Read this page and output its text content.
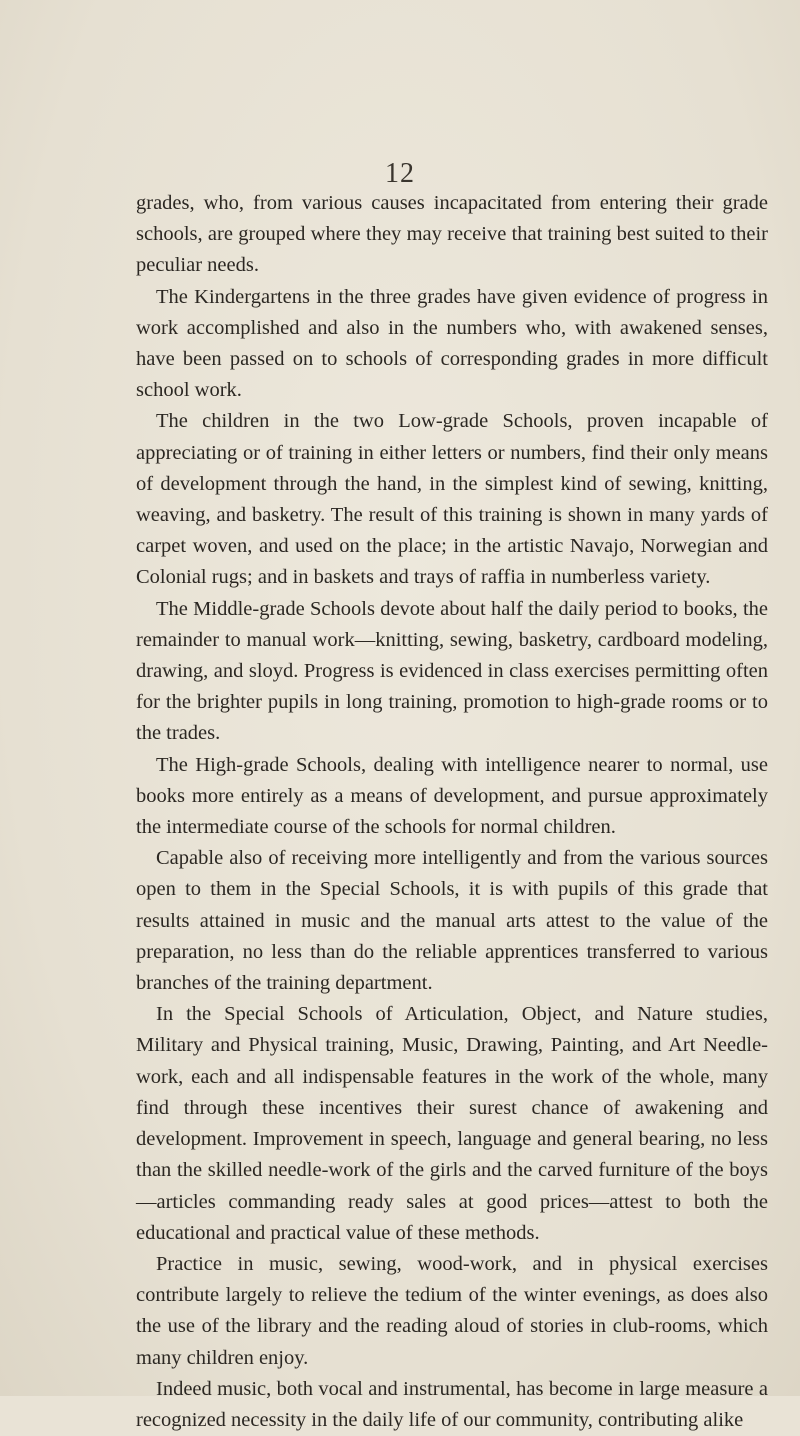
12

grades, who, from various causes incapacitated from entering their grade schools, are grouped where they may receive that training best suited to their peculiar needs.

The Kindergartens in the three grades have given evidence of progress in work accomplished and also in the numbers who, with awakened senses, have been passed on to schools of corresponding grades in more difficult school work.

The children in the two Low-grade Schools, proven incapable of appreciating or of training in either letters or numbers, find their only means of development through the hand, in the simplest kind of sewing, knitting, weaving, and basketry. The result of this training is shown in many yards of carpet woven, and used on the place; in the artistic Navajo, Norwegian and Colonial rugs; and in baskets and trays of raffia in numberless variety.

The Middle-grade Schools devote about half the daily period to books, the remainder to manual work—knitting, sewing, basketry, cardboard modeling, drawing, and sloyd. Progress is evidenced in class exercises permitting often for the brighter pupils in long training, promotion to high-grade rooms or to the trades.

The High-grade Schools, dealing with intelligence nearer to normal, use books more entirely as a means of development, and pursue approximately the intermediate course of the schools for normal children.

Capable also of receiving more intelligently and from the various sources open to them in the Special Schools, it is with pupils of this grade that results attained in music and the manual arts attest to the value of the preparation, no less than do the reliable apprentices transferred to various branches of the training department.

In the Special Schools of Articulation, Object, and Nature studies, Military and Physical training, Music, Drawing, Painting, and Art Needle-work, each and all indispensable features in the work of the whole, many find through these incentives their surest chance of awakening and development. Improvement in speech, language and general bearing, no less than the skilled needle-work of the girls and the carved furniture of the boys—articles commanding ready sales at good prices—attest to both the educational and practical value of these methods.

Practice in music, sewing, wood-work, and in physical exercises contribute largely to relieve the tedium of the winter evenings, as does also the use of the library and the reading aloud of stories in club-rooms, which many children enjoy.

Indeed music, both vocal and instrumental, has become in large measure a recognized necessity in the daily life of our community, contributing alike
